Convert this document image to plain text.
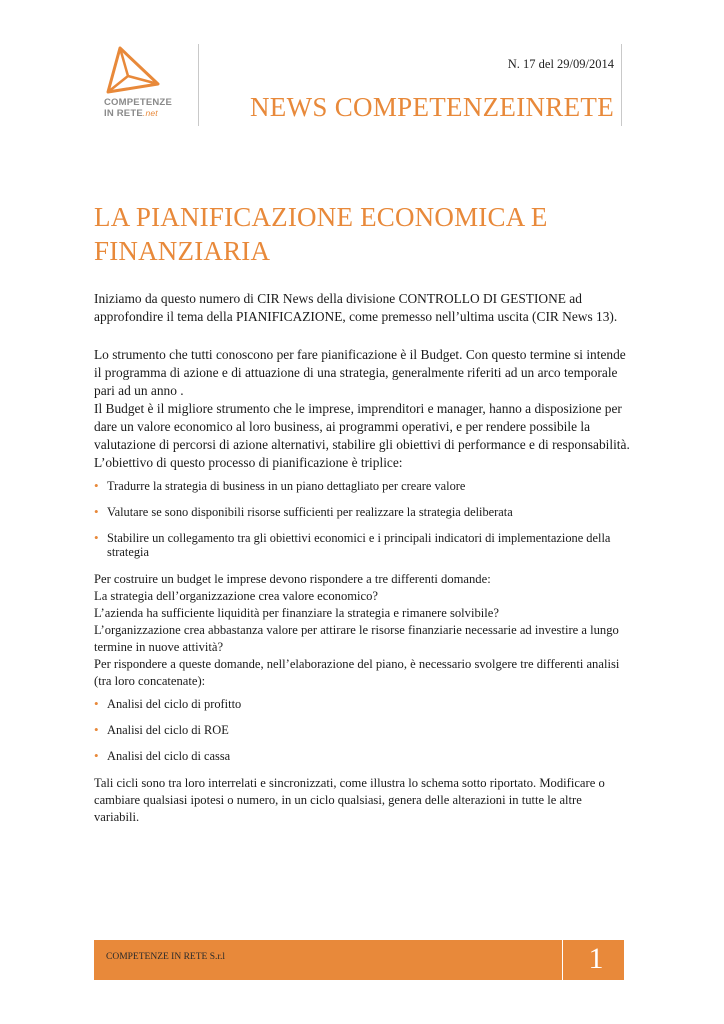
COMPETENZE
IN RETE.net
N. 17 del 29/09/2014
NEWS COMPETENZEINRETE
LA PIANIFICAZIONE ECONOMICA E FINANZIARIA

Iniziamo da questo numero di CIR News della divisione CONTROLLO DI GESTIONE ad approfondire il tema della PIANIFICAZIONE, come premesso nell’ultima uscita (CIR News 13).

Lo strumento che tutti conoscono per fare pianificazione è il Budget. Con questo termine si intende il programma di azione e di attuazione di una strategia, generalmente riferiti ad un arco temporale pari ad un anno .

Il Budget è il migliore strumento che le imprese, imprenditori e manager, hanno a disposizione per dare un valore economico al loro business, ai programmi operativi, e per rendere possibile la valutazione di percorsi di azione alternativi, stabilire gli obiettivi di performance e di responsabilità.

L’obiettivo di questo processo di pianificazione è triplice:

• Tradurre la strategia di business in un piano dettagliato per creare valore
• Valutare se sono disponibili risorse sufficienti per realizzare la strategia deliberata
• Stabilire un collegamento tra gli obiettivi economici e i principali indicatori di implementazione della strategia

Per costruire un budget le imprese devono rispondere a tre differenti domande:

La strategia dell’organizzazione crea valore economico?

L’azienda ha sufficiente liquidità per finanziare la strategia e rimanere solvibile?

L’organizzazione crea abbastanza valore per attirare le risorse finanziarie necessarie ad investire a lungo termine in nuove attività?

Per rispondere a queste domande, nell’elaborazione del piano, è necessario svolgere tre differenti analisi (tra loro concatenate):

• Analisi del ciclo di profitto
• Analisi del ciclo di ROE
• Analisi del ciclo di cassa

Tali cicli sono tra loro interrelati e sincronizzati, come illustra lo schema sotto riportato. Modificare o cambiare qualsiasi ipotesi o numero, in un ciclo qualsiasi, genera delle alterazioni in tutte le altre variabili.

COMPETENZE IN RETE S.r.l	1
